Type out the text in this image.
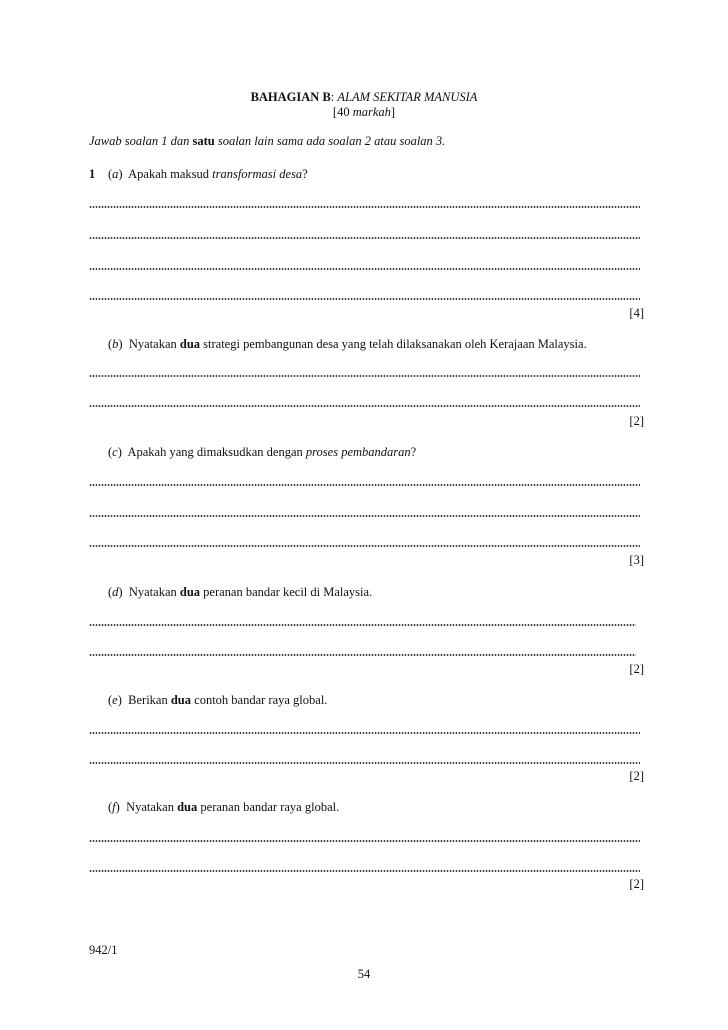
BAHAGIAN B: ALAM SEKITAR MANUSIA
[40 markah]
Jawab soalan 1 dan satu soalan lain sama ada soalan 2 atau soalan 3.
1 (a) Apakah maksud transformasi desa?
[4]
(b) Nyatakan dua strategi pembangunan desa yang telah dilaksanakan oleh Kerajaan Malaysia.
[2]
(c) Apakah yang dimaksudkan dengan proses pembandaran?
[3]
(d) Nyatakan dua peranan bandar kecil di Malaysia.
[2]
(e) Berikan dua contoh bandar raya global.
[2]
(f) Nyatakan dua peranan bandar raya global.
[2]
942/1
54
